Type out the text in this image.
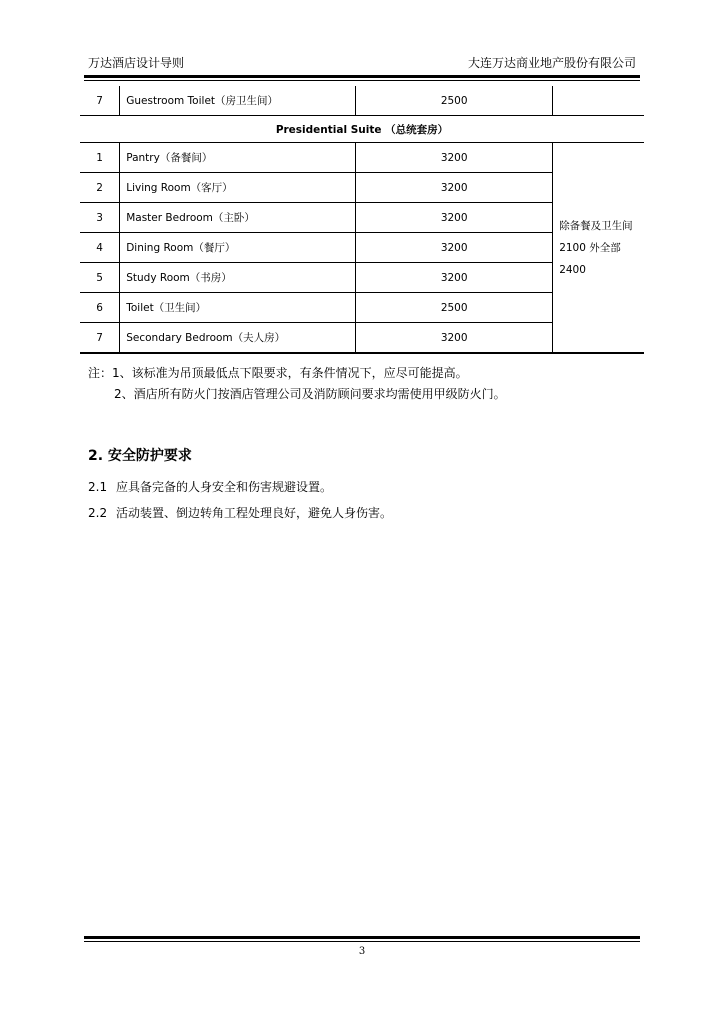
万达酒店设计导则	大连万达商业地产股份有限公司
7	Guestroom Toilet（房卫生间）	2500	
Presidential Suite （总统套房）			
1	Pantry（备餐间）	3200	除备餐及卫生间 2100 外全部2400
2	Living Room（客厅）	3200	
3	Master Bedroom（主卧）	3200	
4	Dining Room（餐厅）	3200	
5	Study Room（书房）	3200	
6	Toilet（卫生间）	2500	
7	Secondary Bedroom（夫人房）	3200	
注：1、该标准为吊顶最低点下限要求，有条件情况下，应尽可能提高。
2、酒店所有防火门按酒店管理公司及消防顾问要求均需使用甲级防火门。
2. 安全防护要求
2.1 应具备完备的人身安全和伤害规避设置。
2.2 活动装置、倒边转角工程处理良好，避免人身伤害。
3
